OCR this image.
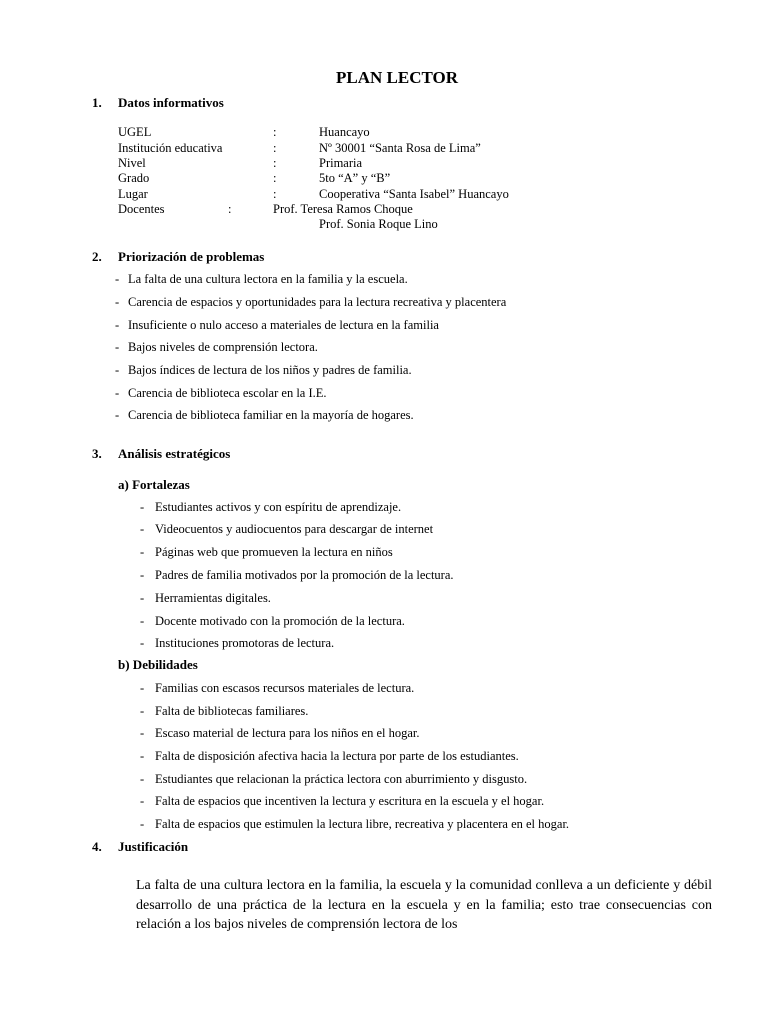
PLAN LECTOR
1. Datos informativos
UGEL	:	Huancayo
Institución educativa	:	Nº 30001 “Santa Rosa de Lima”
Nivel	:	Primaria
Grado	:	5to “A” y “B”
Lugar	:	Cooperativa “Santa Isabel” Huancayo
Docentes	:	Prof. Teresa Ramos Choque
Prof. Sonia Roque Lino
2. Priorización de problemas
- La falta de una cultura lectora en la familia y la escuela.
- Carencia de espacios y oportunidades para la lectura recreativa y placentera
- Insuficiente o nulo acceso a materiales de lectura en la familia
- Bajos niveles de comprensión lectora.
- Bajos índices de lectura de los niños y padres de familia.
- Carencia de biblioteca escolar en la I.E.
- Carencia de biblioteca familiar en la mayoría de hogares.
3. Análisis estratégicos
a) Fortalezas
- Estudiantes activos y con espíritu de aprendizaje.
- Videocuentos y audiocuentos para descargar de internet
- Páginas web que promueven la lectura en niños
- Padres de familia motivados por la promoción de la lectura.
- Herramientas digitales.
- Docente motivado con la promoción de la lectura.
- Instituciones promotoras de lectura.
b) Debilidades
- Familias con escasos recursos materiales de lectura.
- Falta de bibliotecas familiares.
- Escaso material de lectura para los niños en el hogar.
- Falta de disposición afectiva hacia la lectura por parte de los estudiantes.
- Estudiantes que relacionan la práctica lectora con aburrimiento y disgusto.
- Falta de espacios que incentiven la lectura y escritura en la escuela y el hogar.
- Falta de espacios que estimulen la lectura libre, recreativa y placentera en el hogar.
4. Justificación
La falta de una cultura lectora en la familia, la escuela y la comunidad conlleva a un deficiente y débil desarrollo de una práctica de la lectura en la escuela y en la familia; esto trae consecuencias con relación a los bajos niveles de comprensión lectora de los
